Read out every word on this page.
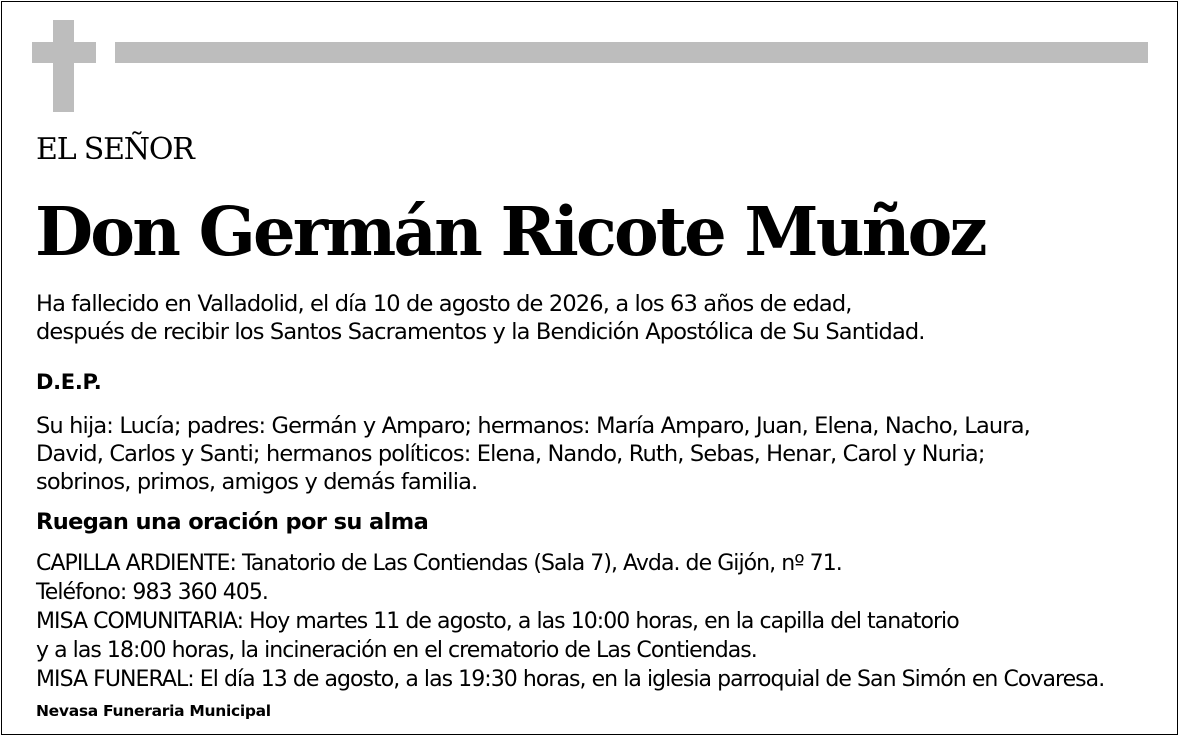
EL SEÑOR
Don Germán Ricote Muñoz
Ha fallecido en Valladolid, el día 10 de agosto de 2026, a los 63 años de edad,
después de recibir los Santos Sacramentos y la Bendición Apostólica de Su Santidad.
D.E.P.
Su hija: Lucía; padres: Germán y Amparo; hermanos: María Amparo, Juan, Elena, Nacho, Laura,
David, Carlos y Santi; hermanos políticos: Elena, Nando, Ruth, Sebas, Henar, Carol y Nuria;
sobrinos, primos, amigos y demás familia.
Ruegan una oración por su alma
CAPILLA ARDIENTE: Tanatorio de Las Contiendas (Sala 7), Avda. de Gijón, nº 71.
Teléfono: 983 360 405.
MISA COMUNITARIA: Hoy martes 11 de agosto, a las 10:00 horas, en la capilla del tanatorio
y a las 18:00 horas, la incineración en el crematorio de Las Contiendas.
MISA FUNERAL: El día 13 de agosto, a las 19:30 horas, en la iglesia parroquial de San Simón en Covaresa.
Nevasa Funeraria Municipal
